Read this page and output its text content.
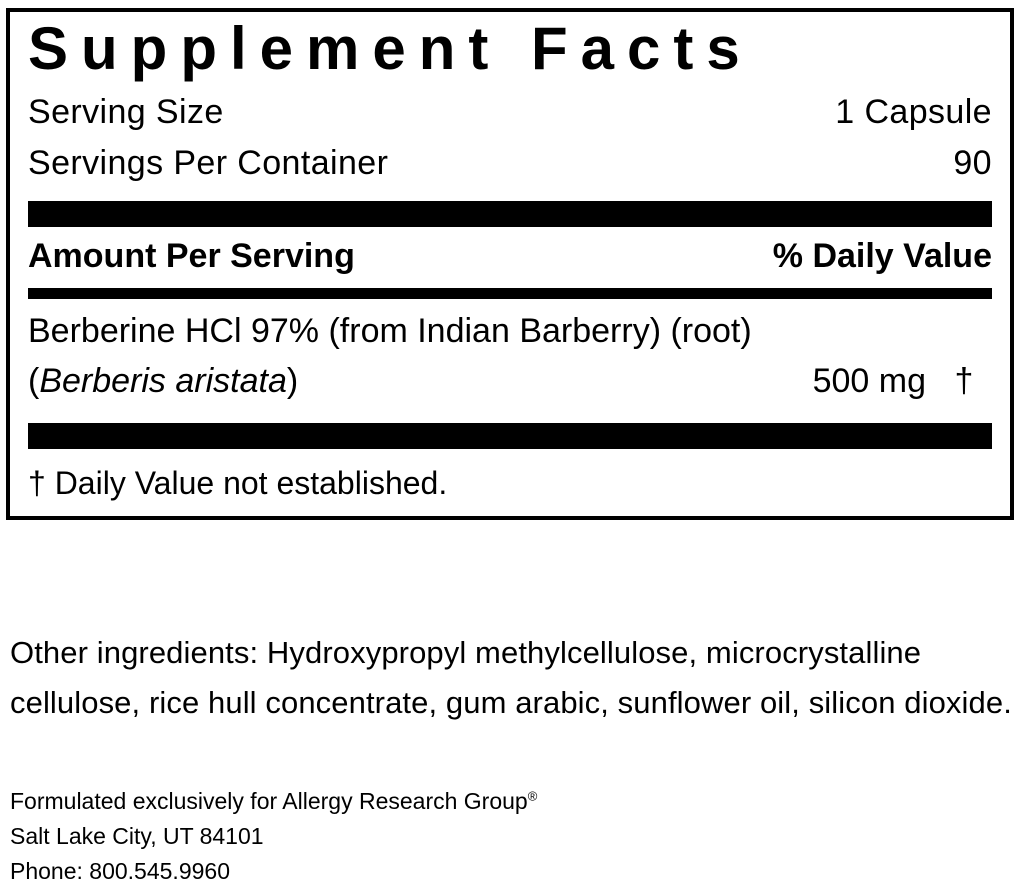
Supplement Facts
Serving Size	1 Capsule
Servings Per Container	90
Amount Per Serving	% Daily Value
Berberine HCl 97% (from Indian Barberry) (root)
(Berberis aristata)	500 mg †
† Daily Value not established.
Other ingredients: Hydroxypropyl methylcellulose, microcrystalline cellulose, rice hull concentrate, gum arabic, sunflower oil, silicon dioxide.
Formulated exclusively for Allergy Research Group®
Salt Lake City, UT 84101
Phone: 800.545.9960
